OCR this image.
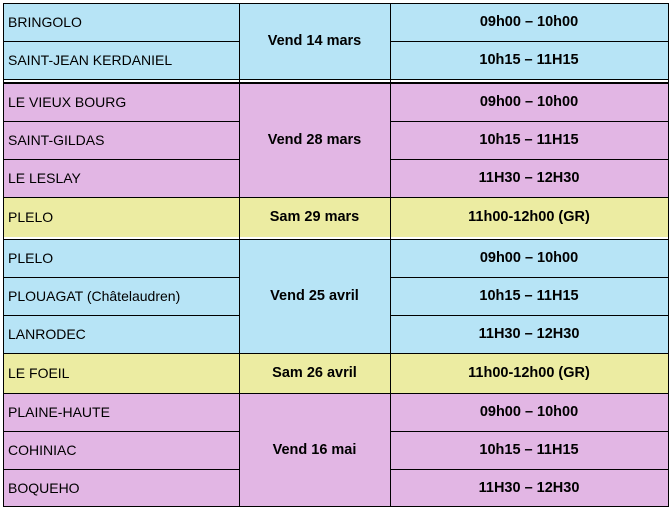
Vend 14 mars
BRINGOLO	09h00 – 10h00
SAINT-JEAN KERDANIEL	10h15 – 11H15
Vend 28 mars
LE VIEUX BOURG	09h00 – 10h00
SAINT-GILDAS	10h15 – 11H15
LE LESLAY	11H30 – 12H30
Sam 29 mars
PLELO	11h00-12h00 (GR)
Vend 25 avril
PLELO	09h00 – 10h00
PLOUAGAT (Châtelaudren)	10h15 – 11H15
LANRODEC	11H30 – 12H30
Sam 26 avril
LE FOEIL	11h00-12h00 (GR)
Vend 16 mai
PLAINE-HAUTE	09h00 – 10h00
COHINIAC	10h15 – 11H15
BOQUEHO	11H30 – 12H30
